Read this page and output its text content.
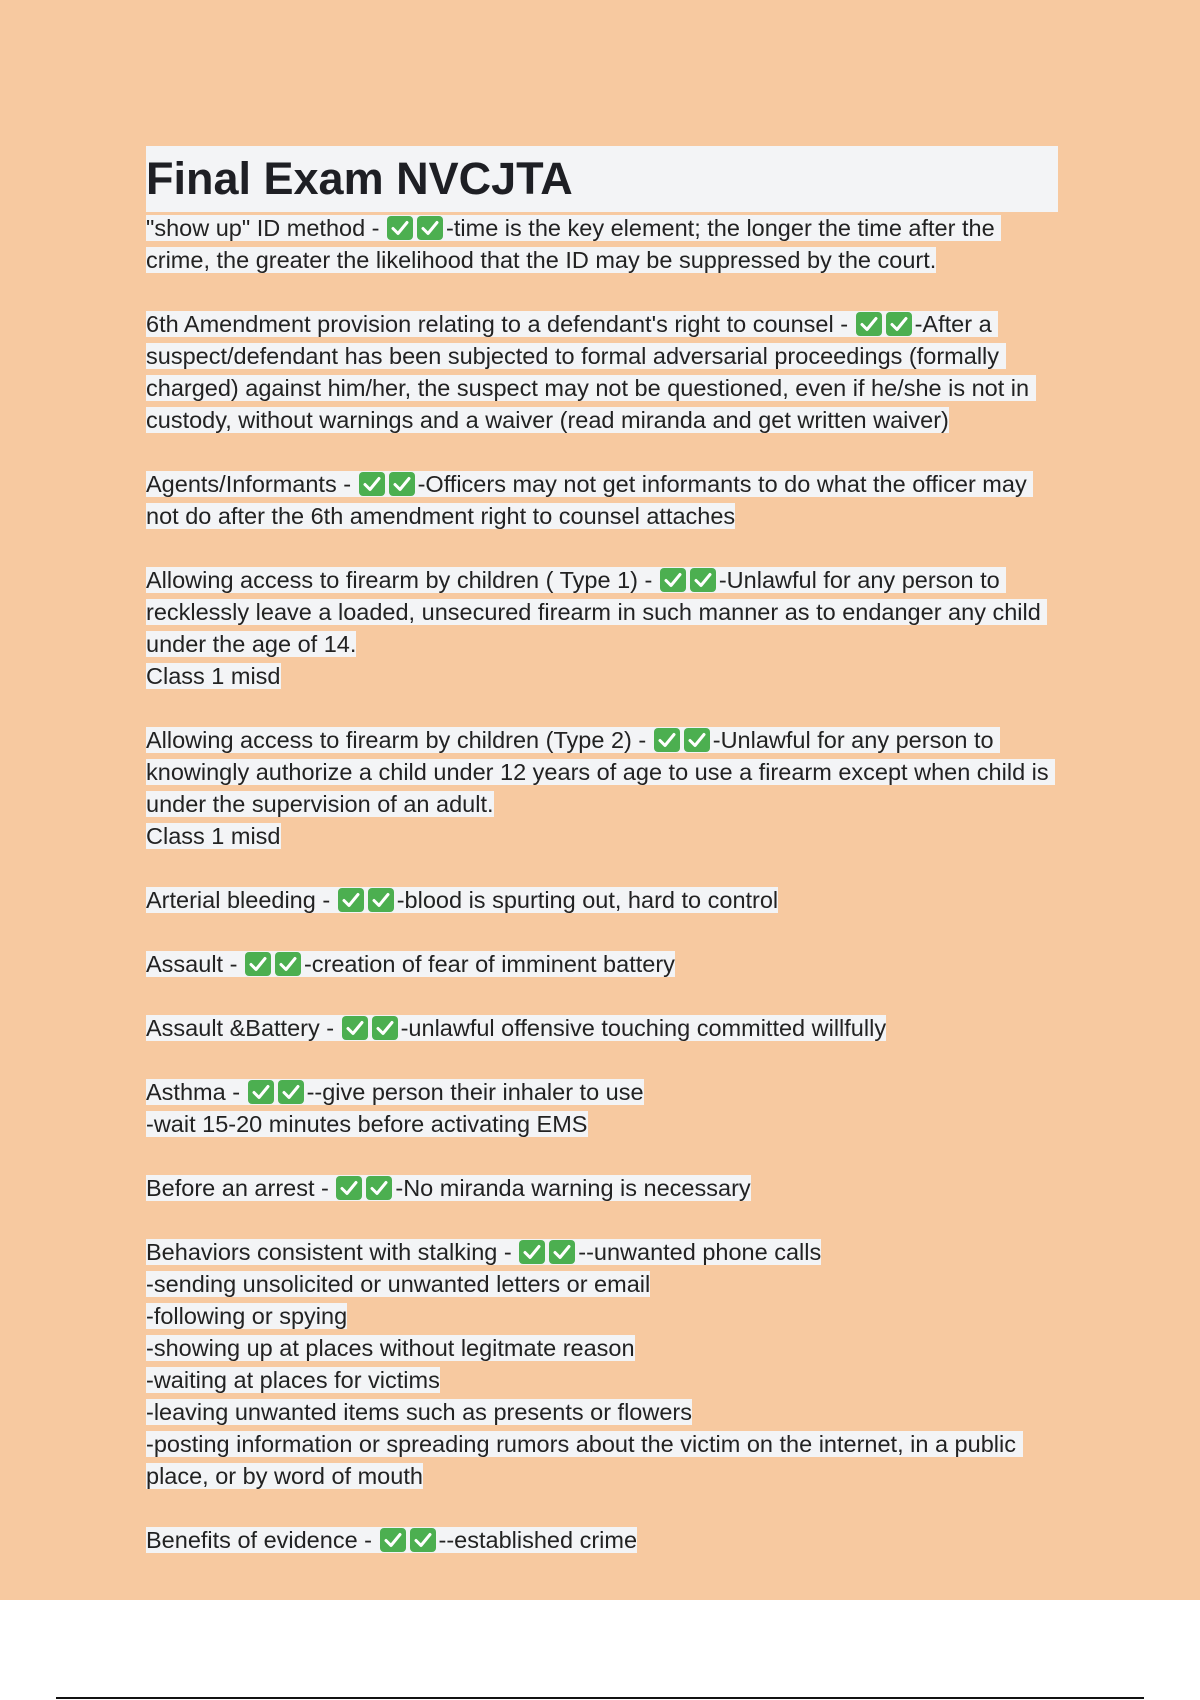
Final Exam NVCJTA
"show up" ID method -	-time is the key element; the longer the time after the crime, the greater the likelihood that the ID may be suppressed by the court.
6th Amendment provision relating to a defendant's right to counsel -	-After a suspect/defendant has been subjected to formal adversarial proceedings (formally charged) against him/her, the suspect may not be questioned, even if he/she is not in custody, without warnings and a waiver (read miranda and get written waiver)
Agents/Informants -	-Officers may not get informants to do what the officer may not do after the 6th amendment right to counsel attaches
Allowing access to firearm by children ( Type 1) -	-Unlawful for any person to recklessly leave a loaded, unsecured firearm in such manner as to endanger any child under the age of 14.
Class 1 misd
Allowing access to firearm by children (Type 2) -	-Unlawful for any person to knowingly authorize a child under 12 years of age to use a firearm except when child is under the supervision of an adult.
Class 1 misd
Arterial bleeding -	-blood is spurting out, hard to control
Assault -	-creation of fear of imminent battery
Assault &Battery -	-unlawful offensive touching committed willfully
Asthma -	--give person their inhaler to use
-wait 15-20 minutes before activating EMS
Before an arrest -	-No miranda warning is necessary
Behaviors consistent with stalking -	--unwanted phone calls
-sending unsolicited or unwanted letters or email
-following or spying
-showing up at places without legitmate reason
-waiting at places for victims
-leaving unwanted items such as presents or flowers
-posting information or spreading rumors about the victim on the internet, in a public place, or by word of mouth
Benefits of evidence -	--established crime
